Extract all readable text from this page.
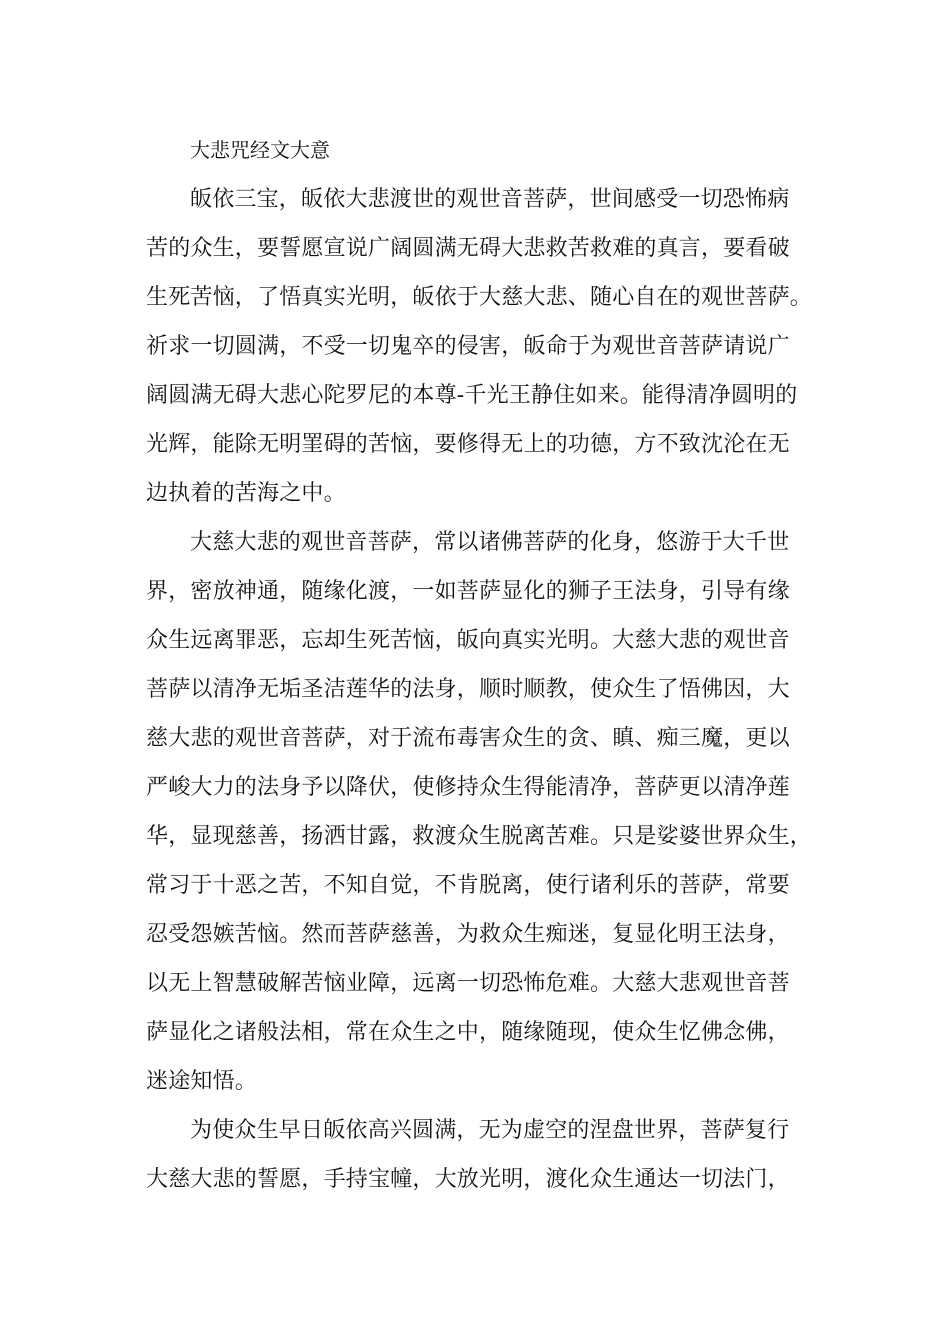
大悲咒经文大意

皈依三宝，皈依大悲渡世的观世音菩萨，世间感受一切恐怖病
苦的众生，要誓愿宣说广阔圆满无碍大悲救苦救难的真言，要看破
生死苦恼，了悟真实光明，皈依于大慈大悲、随心自在的观世菩萨。
祈求一切圆满，不受一切鬼卒的侵害，皈命于为观世音菩萨请说广
阔圆满无碍大悲心陀罗尼的本尊-千光王静住如来。能得清净圆明的
光辉，能除无明罣碍的苦恼，要修得无上的功德，方不致沈沦在无
边执着的苦海之中。

大慈大悲的观世音菩萨，常以诸佛菩萨的化身，悠游于大千世
界，密放神通，随缘化渡，一如菩萨显化的狮子王法身，引导有缘
众生远离罪恶，忘却生死苦恼，皈向真实光明。大慈大悲的观世音
菩萨以清净无垢圣洁莲华的法身，顺时顺教，使众生了悟佛因，大
慈大悲的观世音菩萨，对于流布毒害众生的贪、瞋、痴三魔，更以
严峻大力的法身予以降伏，使修持众生得能清净，菩萨更以清净莲
华，显现慈善，扬洒甘露，救渡众生脱离苦难。只是娑婆世界众生，
常习于十恶之苦，不知自觉，不肯脱离，使行诸利乐的菩萨，常要
忍受怨嫉苦恼。然而菩萨慈善，为救众生痴迷，复显化明王法身，
以无上智慧破解苦恼业障，远离一切恐怖危难。大慈大悲观世音菩
萨显化之诸般法相，常在众生之中，随缘随现，使众生忆佛念佛，
迷途知悟。

为使众生早日皈依高兴圆满，无为虚空的涅盘世界，菩萨复行
大慈大悲的誓愿，手持宝幢，大放光明，渡化众生通达一切法门，
